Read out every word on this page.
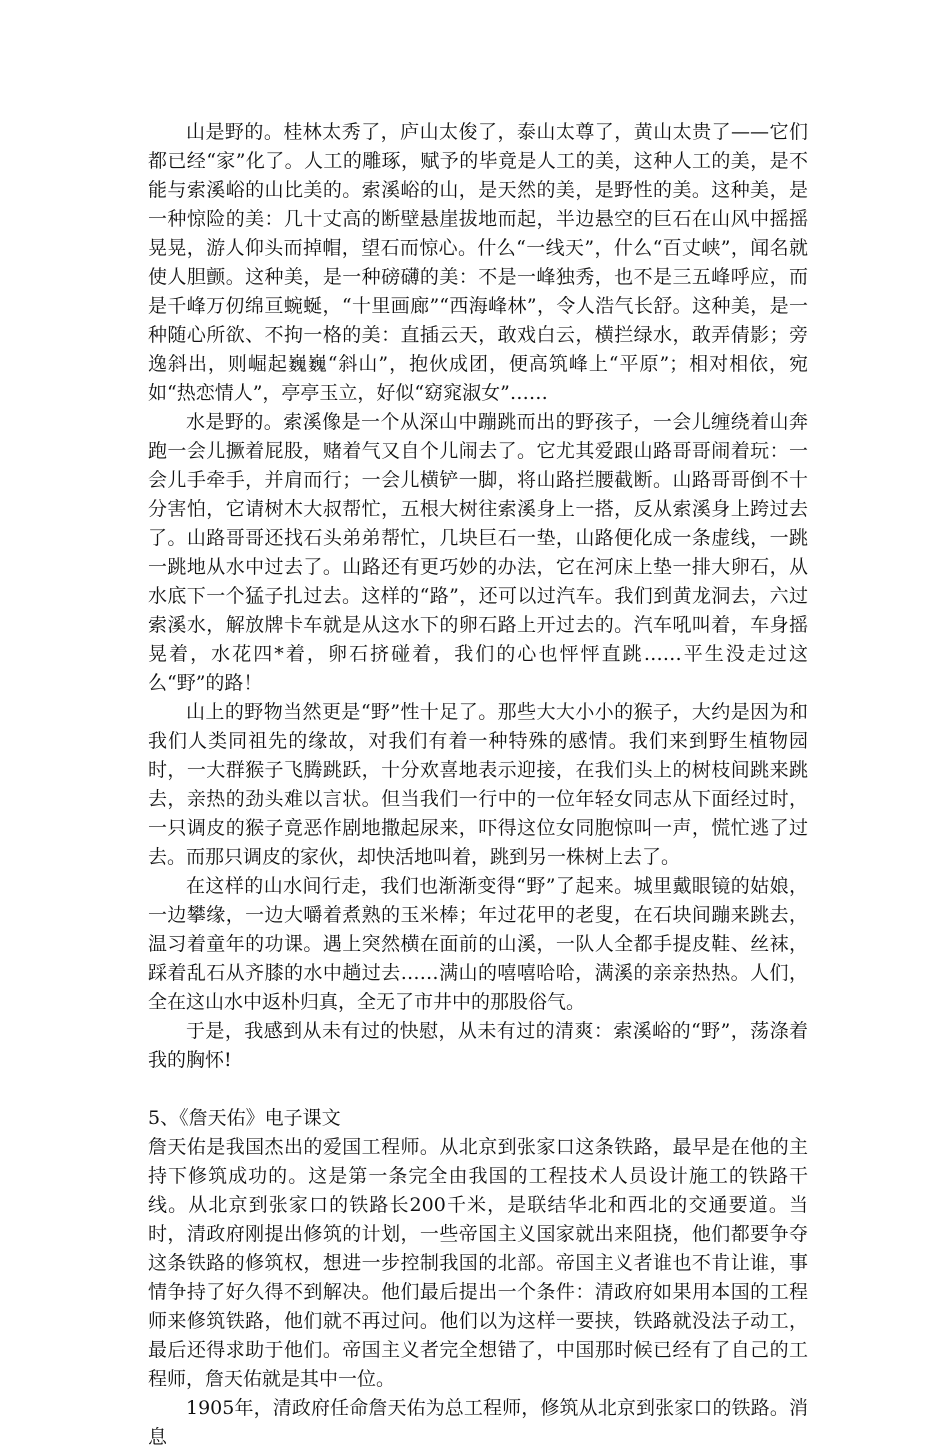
山是野的。桂林太秀了，庐山太俊了，泰山太尊了，黄山太贵了——它们都已经“家”化了。人工的雕琢，赋予的毕竟是人工的美，这种人工的美，是不能与索溪峪的山比美的。索溪峪的山，是天然的美，是野性的美。这种美，是一种惊险的美：几十丈高的断壁悬崖拔地而起，半边悬空的巨石在山风中摇摇晃晃，游人仰头而掉帽，望石而惊心。什么“一线天”，什么“百丈峡”，闻名就使人胆颤。这种美，是一种磅礴的美：不是一峰独秀，也不是三五峰呼应，而是千峰万仞绵亘蜿蜒，“十里画廊”“西海峰林”，令人浩气长舒。这种美，是一种随心所欲、不拘一格的美：直插云天，敢戏白云，横拦绿水，敢弄倩影；旁逸斜出，则崛起巍巍“斜山”，抱伙成团，便高筑峰上“平原”；相对相依，宛如“热恋情人”，亭亭玉立，好似“窈窕淑女”……

水是野的。索溪像是一个从深山中蹦跳而出的野孩子，一会儿缠绕着山奔跑一会儿撅着屁股，赌着气又自个儿闹去了。它尤其爱跟山路哥哥闹着玩：一会儿手牵手，并肩而行；一会儿横铲一脚，将山路拦腰截断。山路哥哥倒不十分害怕，它请树木大叔帮忙，五根大树往索溪身上一搭，反从索溪身上跨过去了。山路哥哥还找石头弟弟帮忙，几块巨石一垫，山路便化成一条虚线，一跳一跳地从水中过去了。山路还有更巧妙的办法，它在河床上垫一排大卵石，从水底下一个猛子扎过去。这样的“路”，还可以过汽车。我们到黄龙洞去，六过索溪水，解放牌卡车就是从这水下的卵石路上开过去的。汽车吼叫着，车身摇晃着，水花四*着，卵石挤碰着，我们的心也怦怦直跳……平生没走过这么“野”的路！

山上的野物当然更是“野”性十足了。那些大大小小的猴子，大约是因为和我们人类同祖先的缘故，对我们有着一种特殊的感情。我们来到野生植物园时，一大群猴子飞腾跳跃，十分欢喜地表示迎接，在我们头上的树枝间跳来跳去，亲热的劲头难以言状。但当我们一行中的一位年轻女同志从下面经过时，一只调皮的猴子竟恶作剧地撒起尿来，吓得这位女同胞惊叫一声，慌忙逃了过去。而那只调皮的家伙，却快活地叫着，跳到另一株树上去了。

在这样的山水间行走，我们也渐渐变得“野”了起来。城里戴眼镜的姑娘，一边攀缘，一边大嚼着煮熟的玉米棒；年过花甲的老叟，在石块间蹦来跳去，温习着童年的功课。遇上突然横在面前的山溪，一队人全都手提皮鞋、丝袜，踩着乱石从齐膝的水中趟过去……满山的嘻嘻哈哈，满溪的亲亲热热。人们，全在这山水中返朴归真，全无了市井中的那股俗气。

于是，我感到从未有过的快慰，从未有过的清爽：索溪峪的“野”，荡涤着我的胸怀!

5、《詹天佑》电子课文

詹天佑是我国杰出的爱国工程师。从北京到张家口这条铁路，最早是在他的主持下修筑成功的。这是第一条完全由我国的工程技术人员设计施工的铁路干线。从北京到张家口的铁路长200千米，是联结华北和西北的交通要道。当时，清政府刚提出修筑的计划，一些帝国主义国家就出来阻挠，他们都要争夺这条铁路的修筑权，想进一步控制我国的北部。帝国主义者谁也不肯让谁，事情争持了好久得不到解决。他们最后提出一个条件：清政府如果用本国的工程师来修筑铁路，他们就不再过问。他们以为这样一要挟，铁路就没法子动工，最后还得求助于他们。帝国主义者完全想错了，中国那时候已经有了自己的工程师，詹天佑就是其中一位。

1905年，清政府任命詹天佑为总工程师，修筑从北京到张家口的铁路。消息
